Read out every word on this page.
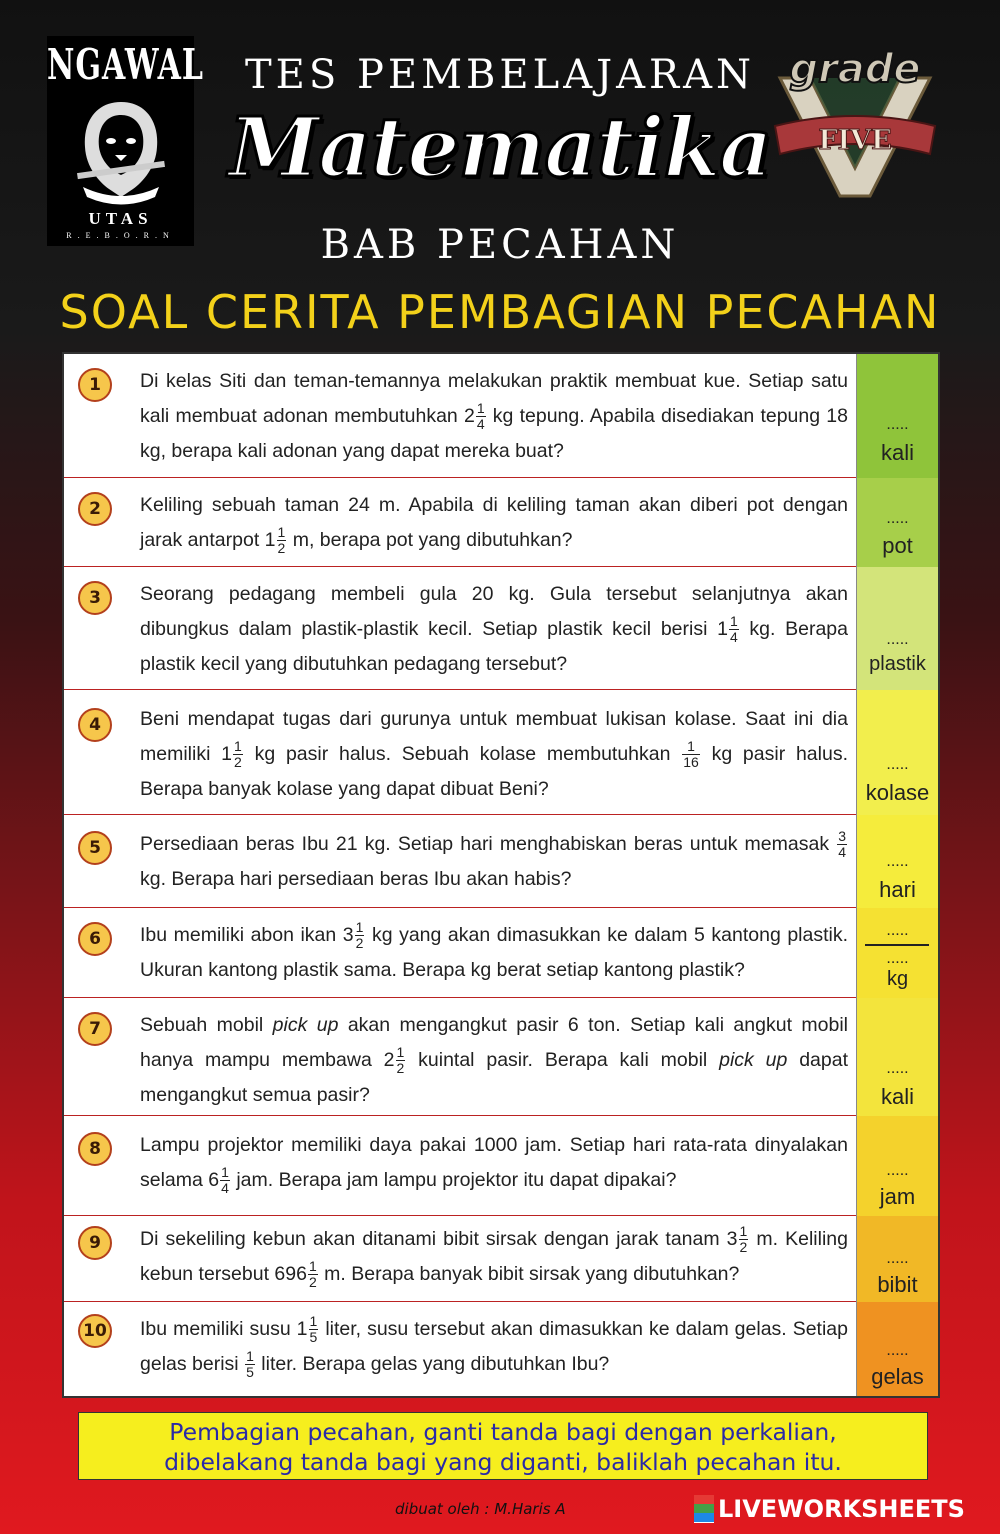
NGAWAL
UTAS
R.E.B.O.R.N
TES PEMBELAJARAN
Matematika
BAB PECAHAN
FIVE
grade
SOAL CERITA PEMBAGIAN PECAHAN
1	Di kelas Siti dan teman-temannya melakukan praktik membuat kue. Setiap satu kali membuat adonan membutuhkan $2 \frac{1}{4}$ kg tepung. Apabila disediakan tepung 18 kg, berapa kali adonan yang dapat mereka buat?
.....
kali
2	Keliling sebuah taman 24 m. Apabila di keliling taman akan diberi pot dengan jarak antarpot $1 \frac{1}{2} m$, berapa pot yang dibutuhkan?
.....
pot
3	Seorang pedagang membeli gula 20 kg. Gula tersebut selanjutnya akan dibungkus dalam plastik-plastik kecil. Setiap plastik kecil berisi $1 \frac{1}{4}$ kg. Berapa plastik kecil yang dibutuhkan pedagang tersebut?
.....
plastik
4	Beni mendapat tugas dari gurunya untuk membuat lukisan kolase. Saat ini dia memiliki $1 \frac{1}{2}$ kg pasir halus. Sebuah kolase membutuhkan $\frac{1}{16}$ kg pasir halus. Berapa banyak kolase yang dapat dibuat Beni?
.....
kolase
5	Persediaan beras Ibu 21 kg. Setiap hari menghabiskan beras untuk memasak $\frac{3}{4}$
kg. Berapa hari persediaan beras Ibu akan habis?
.....
hari
6	Ibu memiliki abon ikan $3 \frac{1}{2}$ kg yang akan dimasukkan ke dalam 5 kantong plastik. Ukuran kantong plastik sama. Berapa kg berat setiap kantong plastik?
.....
.....
kg
7	Sebuah mobil pick up akan mengangkut pasir 6 ton. Setiap kali angkut mobil hanya mampu membawa $2 \frac{1}{2}$ kuintal pasir. Berapa kali mobil pick up dapat mengangkut semua pasir?
.....
kali
8	Lampu projektor memiliki daya pakai 1000 jam. Setiap hari rata-rata dinyalakan selama $6 \frac{1}{4}$ jam. Berapa jam lampu projektor itu dapat dipakai?	.....
jam
9	Di sekeliling kebun akan ditanami bibit sirsak dengan jarak tanam $3 \frac{1}{2} m$. Keliling kebun tersebut $696 \frac{1}{2} m$. Berapa banyak bibit sirsak yang dibutuhkan?
.....
bibit
10 Ibu memiliki susu $1 \frac{1}{5}$ liter, susu tersebut akan dimasukkan ke dalam gelas. Setiap gelas berisi $\frac{1}{5}$ liter. Berapa gelas yang dibutuhkan Ibu?
.....
gelas
Pembagian pecahan, ganti tanda bagi dengan perkalian,
dibelakang tanda bagi yang diganti, baliklah pecahan itu.
dibuat oleh : M.Haris A	LIVEWORKSHEETS
